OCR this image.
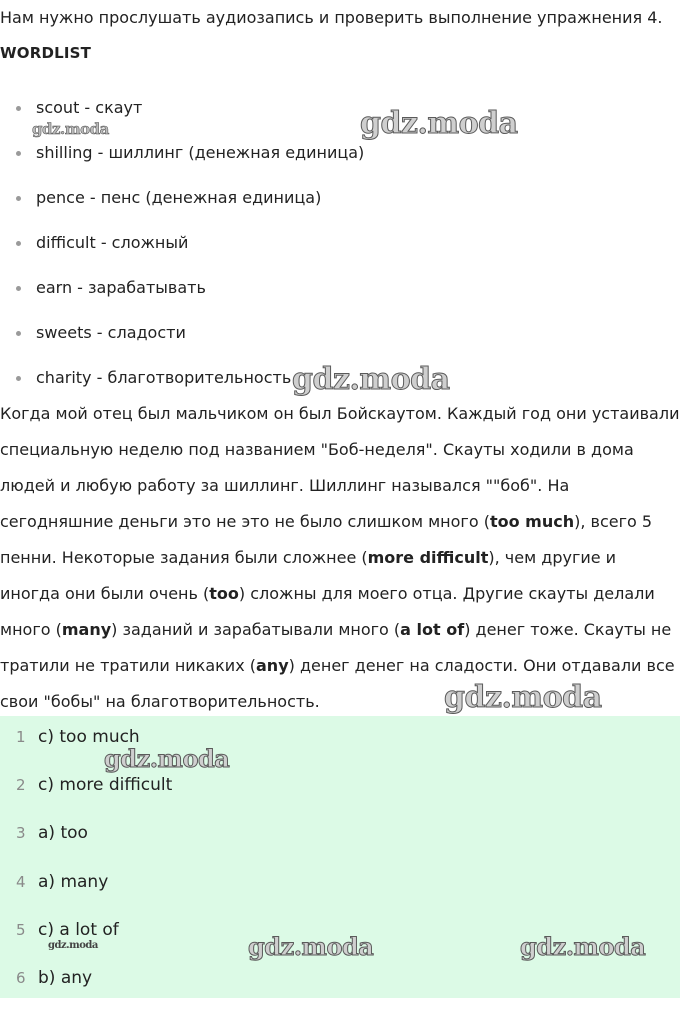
Нам нужно прослушать аудиозапись и проверить выполнение упражнения 4.
WORDLIST
scout - скаут
shilling - шиллинг (денежная единица)
pence - пенс (денежная единица)
difficult - сложный
earn - зарабатывать
sweets - сладости
charity - благотворительность
Когда мой отец был мальчиком он был Бойскаутом. Каждый год они устаивали специальную неделю под названием "Боб-неделя". Скауты ходили в дома людей и любую работу за шиллинг. Шиллинг назывался ""боб". На сегодняшние деньги это не это не было слишком много (too much), всего 5 пенни. Некоторые задания были сложнее (more difficult), чем другие и иногда они были очень (too) сложны для моего отца. Другие скауты делали много (many) заданий и зарабатывали много (a lot of) денег тоже. Скауты не тратили не тратили никаких (any) денег денег на сладости. Они отдавали все свои "бобы" на благотворительность.
1 c) too much
2 c) more difficult
3 a) too
4 a) many
5 c) a lot of
6 b) any
gdz.moda	gdz.moda
gdz.moda
gdz.moda
gdz.moda
gdz.moda	gdz.moda	gdz.moda
